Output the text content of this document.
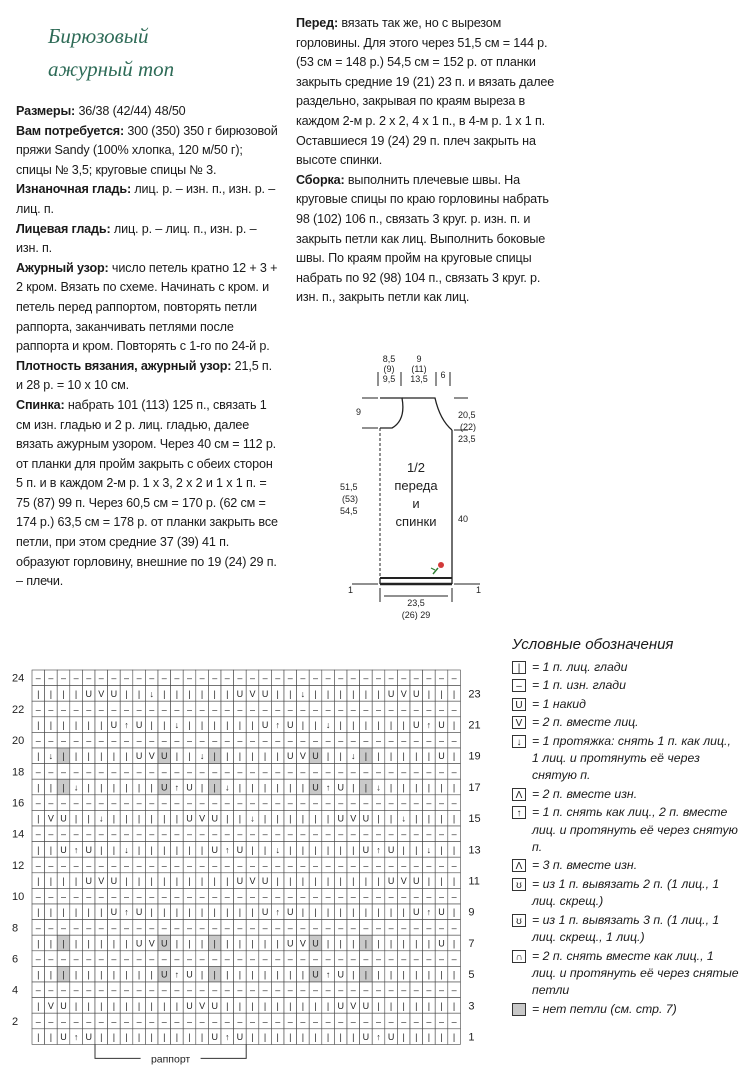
Бирюзовый
ажурный топ

Размеры: 36/38 (42/44) 48/50

Вам потребуется: 300 (350) 350 г бирюзовой пряжи Sandy (100% хлопка, 120 м/50 г); спицы № 3,5; круговые спицы № 3.

Изнаночная гладь: лиц. р. – изн. п., изн. р. – лиц. п.

Лицевая гладь: лиц. р. – лиц. п., изн. р. – изн. п.

Ажурный узор: число петель кратно 12 + 3 + 2 кром. Вязать по схеме. Начинать с кром. и петель перед раппортом, повторять петли раппорта, заканчивать петлями после раппорта и кром. Повторять с 1-го по 24-й р.

Плотность вязания, ажурный узор: 21,5 п. и 28 р. = 10 х 10 см.

Спинка: набрать 101 (113) 125 п., связать 1 см изн. гладью и 2 р. лиц. гладью, далее вязать ажурным узором. Через 40 см = 112 р. от планки для пройм закрыть с обеих сторон 5 п. и в каждом 2-м р. 1 х 3, 2 х 2 и 1 х 1 п. = 75 (87) 99 п. Через 60,5 см = 170 р. (62 см = 174 р.) 63,5 см = 178 р. от планки закрыть все петли, при этом средние 37 (39) 41 п. образуют горловину, внешние по 19 (24) 29 п. – плечи.

Перед: вязать так же, но с вырезом горловины. Для этого через 51,5 см = 144 р. (53 см = 148 р.) 54,5 см = 152 р. от планки закрыть средние 19 (21) 23 п. и вязать далее раздельно, закрывая по краям выреза в каждом 2-м р. 2 х 2, 4 х 1 п., в 4-м р. 1 х 1 п. Оставшиеся 19 (24) 29 п. плеч закрыть на высоте спинки.

Сборка: выполнить плечевые швы. На круговые спицы по краю горловины набрать 98 (102) 106 п., связать 3 круг. р. изн. п. и закрыть петли как лиц. Выполнить боковые швы. По краям пройм на круговые спицы набрать по 92 (98) 104 п., связать 3 круг. р. изн. п., закрыть петли как лиц.

8,5
(9)
9,5
9
(11)
13,5 6
9
51,5
(53)
54,5
1
20,5
(22)
23,5
40
1
23,5
(26) 29
1/2
переда
и
спинки
Условные обозначения
| = 1 п. лиц. глади
– = 1 п. изн. глади
U = 1 накид
V = 2 п. вместе лиц.
↓ = 1 протяжка: снять 1 п. как лиц., 1 лиц. и протянуть её через снятую п.
Λ = 2 п. вместе изн.
↑ = 1 п. снять как лиц., 2 п. вместе лиц. и протянуть её через снятую п.
Λ = 3 п. вместе изн.
ʊ = из 1 п. вывязать 2 п. (1 лиц., 1 лиц. скрещ.)
ʊ = из 1 п. вывязать 3 п. (1 лиц., 1 лиц. скрещ., 1 лиц.)
∩ = 2 п. снять вместе как лиц., 1 лиц. и протянуть её через снятые петли
= нет петли (см. стр. 7)
– – – – – – – – – – – – – – – – – – – – – – – – – – – – – – – – – –
| | | | U V U | | ↓ | | | | | | U V U | | ↓ | | | | | | U V U | | |
– – – – – – – – – – – – – – – – – – – – – – – – – – – – – – – – – –
| | | | | | U ↑ U | | ↓ | | | | | | U ↑ U | | ↓ | | | | | | U ↑ U |
– – – – – – – – – – – – – – – – – – – – – – – – – – – – – – – – – –
| ↓ | | | | | | U V U | | ↓ | | | | | | U V U | | ↓ | | | | | | U |
– – – – – – – – – – – – – – – – – – – – – – – – – – – – – – – – – –
| | | ↓ | | | | | | U ↑ U | | ↓ | | | | | | U ↑ U | | ↓ | | | | | |
– – – – – – – – – – – – – – – – – – – – – – – – – – – – – – – – – –
| V U | | ↓ | | | | | | U V U | | ↓ | | | | | | U V U | | ↓ | | | |
– – – – – – – – – – – – – – – – – – – – – – – – – – – – – – – – – –
| | U ↑ U | | ↓ | | | | | | U ↑ U | | ↓ | | | | | | U ↑ U | | ↓ | |
– – – – – – – – – – – – – – – – – – – – – – – – – – – – – – – – – –
| | | | U V U | | | | | | | | | U V U | | | | | | | | | U V U | | |
– – – – – – – – – – – – – – – – – – – – – – – – – – – – – – – – – –
| | | | | | U ↑ U | | | | | | | | | U ↑ U | | | | | | | | | U ↑ U |
– – – – – – – – – – – – – – – – – – – – – – – – – – – – – – – – – –
| | | | | | | | U V U | | | | | | | | | U V U | | | | | | | | | U |
– – – – – – – – – – – – – – – – – – – – – – – – – – – – – – – – – –
| | | | | | | | | | U ↑ U | | | | | | | | | U ↑ U | | | | | | | | |
– – – – – – – – – – – – – – – – – – – – – – – – – – – – – – – – – –
| V U | | | | | | | | | U V U | | | | | | | | | U V U | | | | | | |
– – – – – – – – – – – – – – – – – – – – – – – – – – – – – – – – – –
| | U ↑ U | | | | | | | | | U ↑ U | | | | | | | | | U ↑ U | | | | |
24
22
20
18
16
14
12
10
8
6
4
2
23
21
19
17
15
13
11
9
7
5
3
1
раппорт
